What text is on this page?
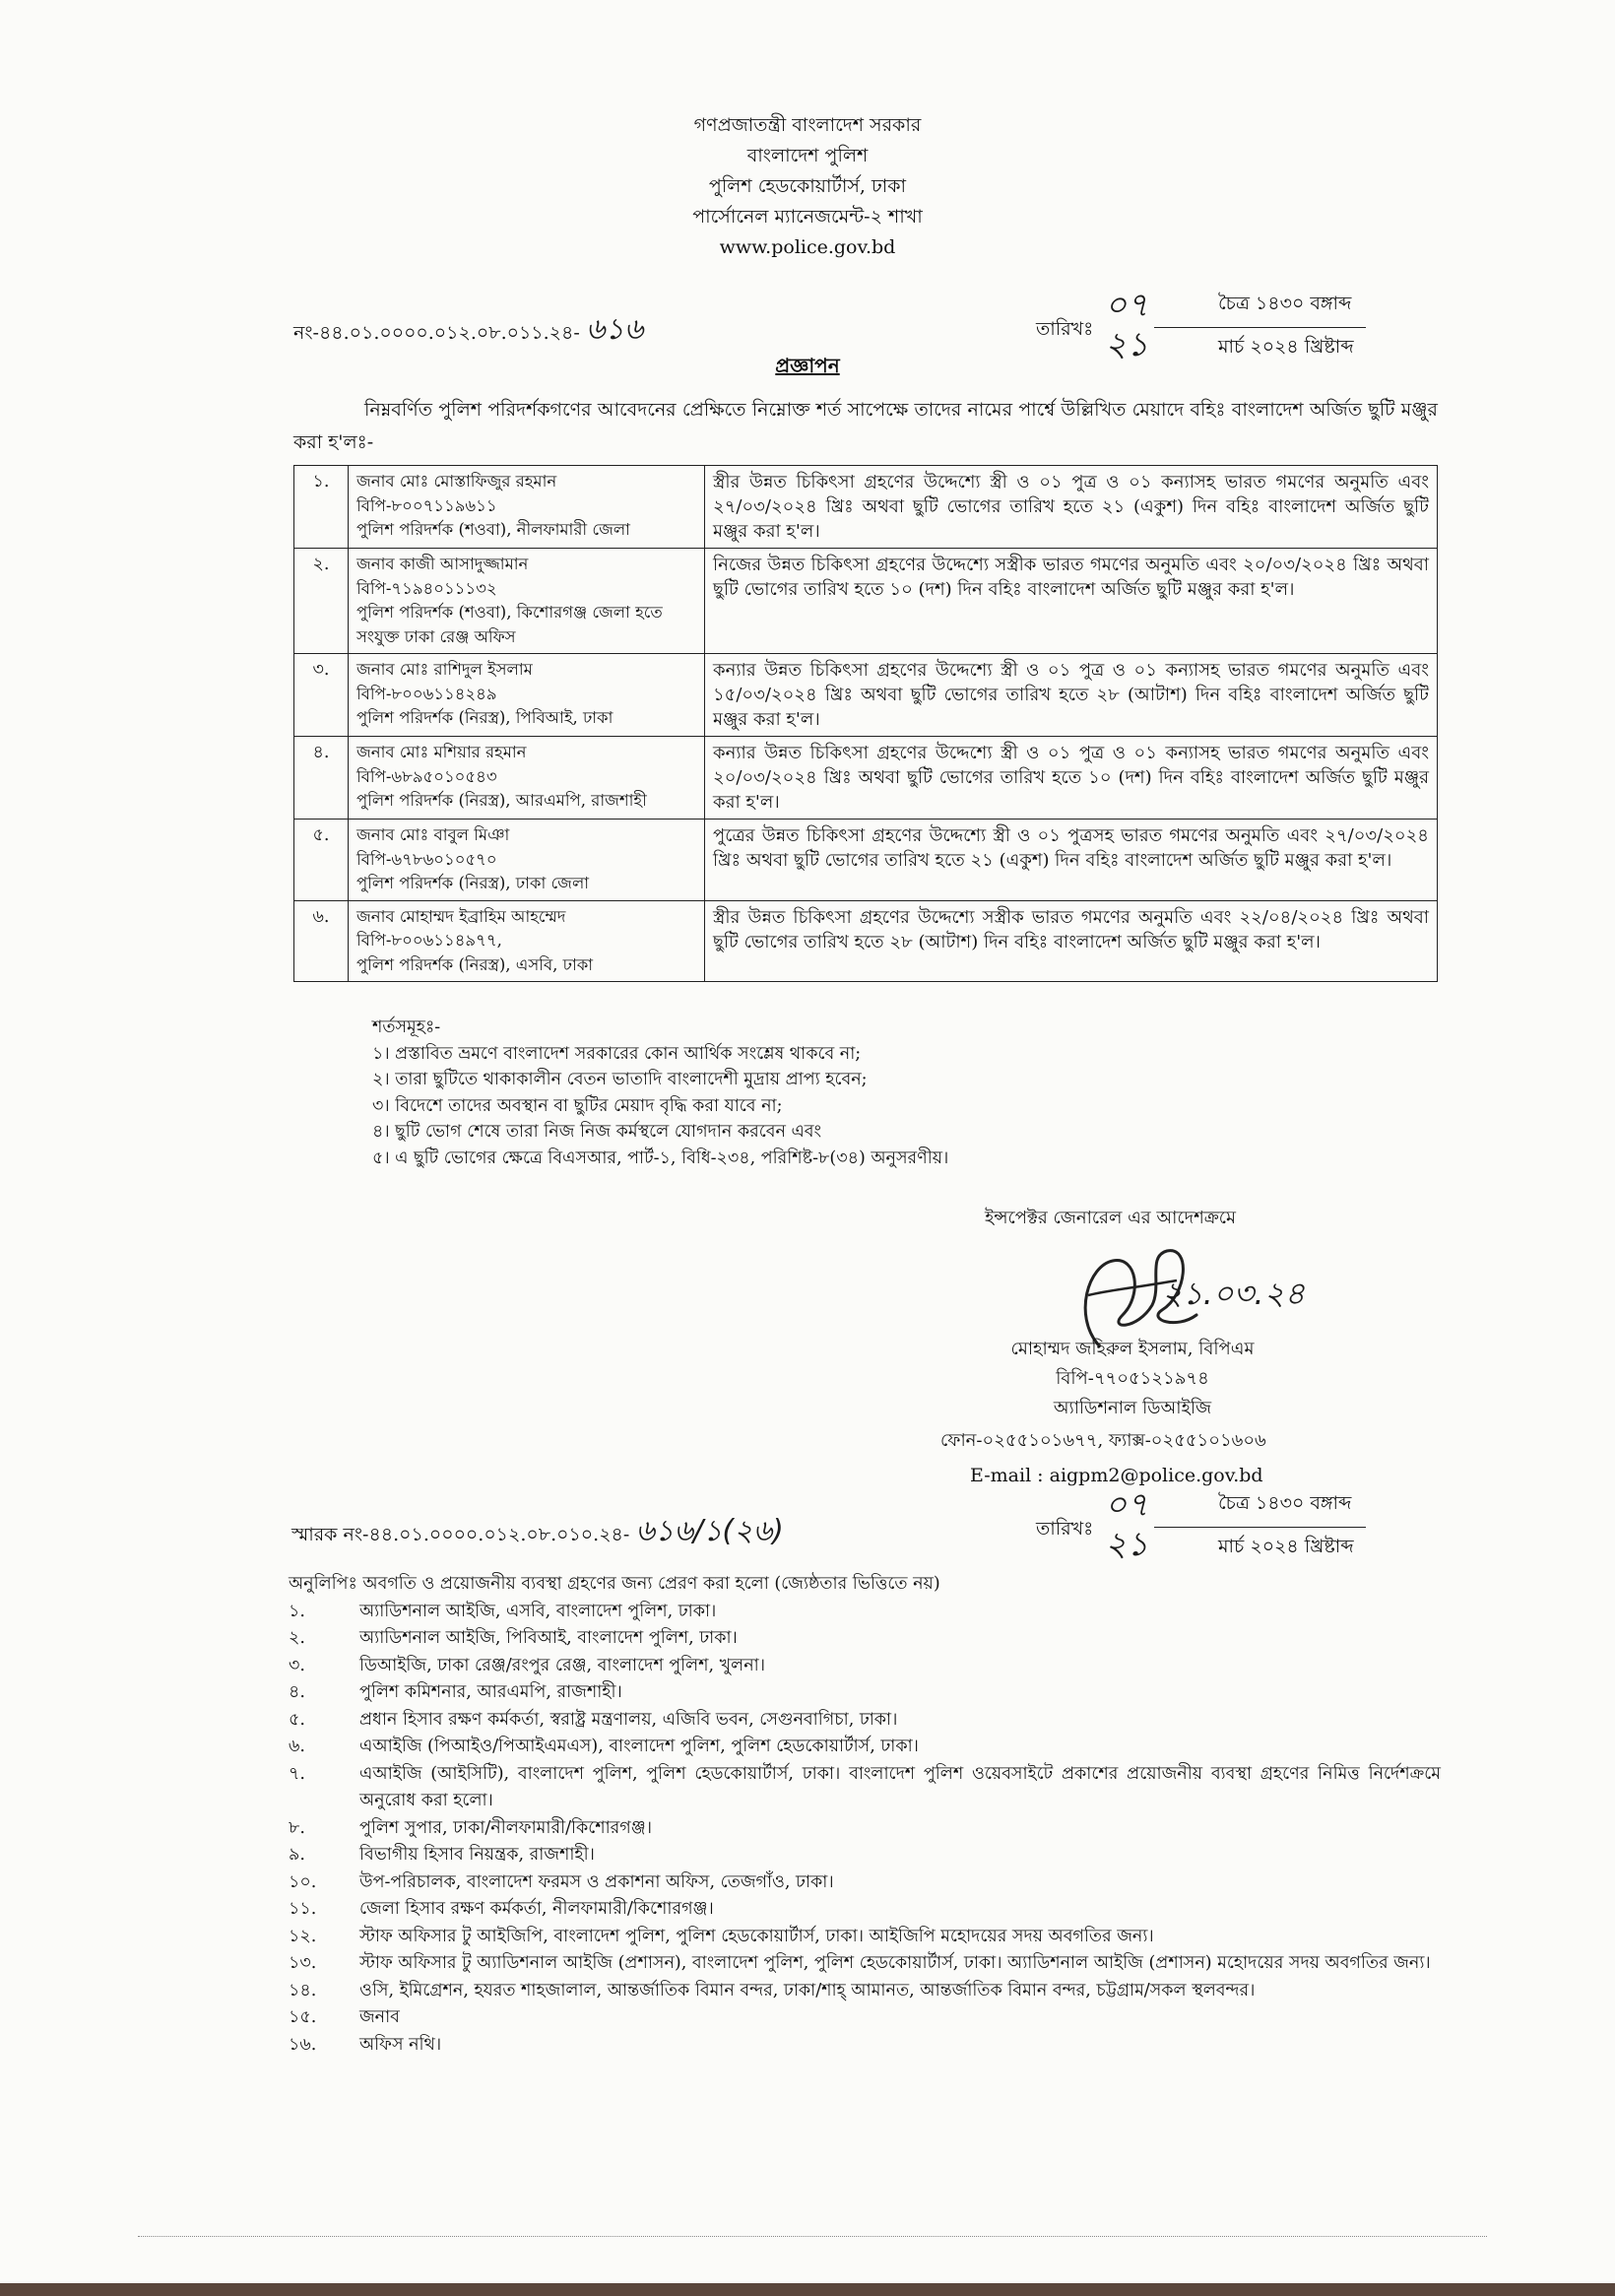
গণপ্রজাতন্ত্রী বাংলাদেশ সরকার
বাংলাদেশ পুলিশ
পুলিশ হেডকোয়ার্টার্স, ঢাকা
পার্সোনেল ম্যানেজমেন্ট-২ শাখা
www.police.gov.bd
নং-৪৪.০১.০০০০.০১২.০৮.০১১.২৪- ৬১৬	তারিখঃ
০৭	চৈত্র ১৪৩০ বঙ্গাব্দ
২১	মার্চ ২০২৪ খ্রিষ্টাব্দ
প্রজ্ঞাপন
নিম্নবর্ণিত পুলিশ পরিদর্শকগণের আবেদনের প্রেক্ষিতে নিম্নোক্ত শর্ত সাপেক্ষে তাদের নামের পার্শ্বে উল্লিখিত মেয়াদে বহিঃ বাংলাদেশ অর্জিত ছুটি মঞ্জুর করা হ'লঃ-
১.	জনাব মোঃ মোস্তাফিজুর রহমান
বিপি-৮০০৭১১৯৬১১
পুলিশ পরিদর্শক (শওবা), নীলফামারী জেলা	স্ত্রীর উন্নত চিকিৎসা গ্রহণের উদ্দেশ্যে স্ত্রী ও ০১ পুত্র ও ০১ কন্যাসহ ভারত গমণের অনুমতি এবং ২৭/০৩/২০২৪ খ্রিঃ অথবা ছুটি ভোগের তারিখ হতে ২১ (একুশ) দিন বহিঃ বাংলাদেশ অর্জিত ছুটি মঞ্জুর করা হ'ল।
২.	জনাব কাজী আসাদুজ্জামান
বিপি-৭১৯৪০১১১৩২
পুলিশ পরিদর্শক (শওবা), কিশোরগঞ্জ জেলা হতে
সংযুক্ত ঢাকা রেঞ্জ অফিস	নিজের উন্নত চিকিৎসা গ্রহণের উদ্দেশ্যে সস্ত্রীক ভারত গমণের অনুমতি এবং ২০/০৩/২০২৪ খ্রিঃ অথবা ছুটি ভোগের তারিখ হতে ১০ (দশ) দিন বহিঃ বাংলাদেশ অর্জিত ছুটি মঞ্জুর করা হ'ল।
৩.	জনাব মোঃ রাশিদুল ইসলাম
বিপি-৮০০৬১১৪২৪৯
পুলিশ পরিদর্শক (নিরস্ত্র), পিবিআই, ঢাকা	কন্যার উন্নত চিকিৎসা গ্রহণের উদ্দেশ্যে স্ত্রী ও ০১ পুত্র ও ০১ কন্যাসহ ভারত গমণের অনুমতি এবং ১৫/০৩/২০২৪ খ্রিঃ অথবা ছুটি ভোগের তারিখ হতে ২৮ (আটাশ) দিন বহিঃ বাংলাদেশ অর্জিত ছুটি মঞ্জুর করা হ'ল।
৪.	জনাব মোঃ মশিয়ার রহমান
বিপি-৬৮৯৫০১০৫৪৩
পুলিশ পরিদর্শক (নিরস্ত্র), আরএমপি, রাজশাহী	কন্যার উন্নত চিকিৎসা গ্রহণের উদ্দেশ্যে স্ত্রী ও ০১ পুত্র ও ০১ কন্যাসহ ভারত গমণের অনুমতি এবং ২০/০৩/২০২৪ খ্রিঃ অথবা ছুটি ভোগের তারিখ হতে ১০ (দশ) দিন বহিঃ বাংলাদেশ অর্জিত ছুটি মঞ্জুর করা হ'ল।
৫.	জনাব মোঃ বাবুল মিঞা
বিপি-৬৭৮৬০১০৫৭০
পুলিশ পরিদর্শক (নিরস্ত্র), ঢাকা জেলা	পুত্রের উন্নত চিকিৎসা গ্রহণের উদ্দেশ্যে স্ত্রী ও ০১ পুত্রসহ ভারত গমণের অনুমতি এবং ২৭/০৩/২০২৪ খ্রিঃ অথবা ছুটি ভোগের তারিখ হতে ২১ (একুশ) দিন বহিঃ বাংলাদেশ অর্জিত ছুটি মঞ্জুর করা হ'ল।
৬.	জনাব মোহাম্মদ ইব্রাহিম আহম্মেদ
বিপি-৮০০৬১১৪৯৭৭,
পুলিশ পরিদর্শক (নিরস্ত্র), এসবি, ঢাকা	স্ত্রীর উন্নত চিকিৎসা গ্রহণের উদ্দেশ্যে সস্ত্রীক ভারত গমণের অনুমতি এবং ২২/০৪/২০২৪ খ্রিঃ অথবা ছুটি ভোগের তারিখ হতে ২৮ (আটাশ) দিন বহিঃ বাংলাদেশ অর্জিত ছুটি মঞ্জুর করা হ'ল।
শর্তসমূহঃ-
১। প্রস্তাবিত ভ্রমণে বাংলাদেশ সরকারের কোন আর্থিক সংশ্লেষ থাকবে না;
২। তারা ছুটিতে থাকাকালীন বেতন ভাতাদি বাংলাদেশী মুদ্রায় প্রাপ্য হবেন;
৩। বিদেশে তাদের অবস্থান বা ছুটির মেয়াদ বৃদ্ধি করা যাবে না;
৪। ছুটি ভোগ শেষে তারা নিজ নিজ কর্মস্থলে যোগদান করবেন এবং
৫। এ ছুটি ভোগের ক্ষেত্রে বিএসআর, পার্ট-১, বিধি-২৩৪, পরিশিষ্ট-৮(৩৪) অনুসরণীয়।
ইন্সপেক্টর জেনারেল এর আদেশক্রমে
২১.০৩.২৪
মোহাম্মদ জহিরুল ইসলাম, বিপিএম
বিপি-৭৭০৫১২১৯৭৪
অ্যাডিশনাল ডিআইজি
ফোন-০২৫৫১০১৬৭৭, ফ্যাক্স-০২৫৫১০১৬০৬
E-mail : aigpm2@police.gov.bd
স্মারক নং-৪৪.০১.০০০০.০১২.০৮.০১০.২৪- ৬১৬/১(২৬)	তারিখঃ
০৭	চৈত্র ১৪৩০ বঙ্গাব্দ
২১	মার্চ ২০২৪ খ্রিষ্টাব্দ
অনুলিপিঃ অবগতি ও প্রয়োজনীয় ব্যবস্থা গ্রহণের জন্য প্রেরণ করা হলো (জ্যেষ্ঠতার ভিত্তিতে নয়)
১.	অ্যাডিশনাল আইজি, এসবি, বাংলাদেশ পুলিশ, ঢাকা।
২.	অ্যাডিশনাল আইজি, পিবিআই, বাংলাদেশ পুলিশ, ঢাকা।
৩.	ডিআইজি, ঢাকা রেঞ্জ/রংপুর রেঞ্জ, বাংলাদেশ পুলিশ, খুলনা।
৪.	পুলিশ কমিশনার, আরএমপি, রাজশাহী।
৫.	প্রধান হিসাব রক্ষণ কর্মকর্তা, স্বরাষ্ট্র মন্ত্রণালয়, এজিবি ভবন, সেগুনবাগিচা, ঢাকা।
৬.	এআইজি (পিআইও/পিআইএমএস), বাংলাদেশ পুলিশ, পুলিশ হেডকোয়ার্টার্স, ঢাকা।
৭.	এআইজি (আইসিটি), বাংলাদেশ পুলিশ, পুলিশ হেডকোয়ার্টার্স, ঢাকা। বাংলাদেশ পুলিশ ওয়েবসাইটে প্রকাশের প্রয়োজনীয় ব্যবস্থা গ্রহণের নিমিত্ত নির্দেশক্রমে অনুরোধ করা হলো।
৮.	পুলিশ সুপার, ঢাকা/নীলফামারী/কিশোরগঞ্জ।
৯.	বিভাগীয় হিসাব নিয়ন্ত্রক, রাজশাহী।
১০.	উপ-পরিচালক, বাংলাদেশ ফরমস ও প্রকাশনা অফিস, তেজগাঁও, ঢাকা।
১১.	জেলা হিসাব রক্ষণ কর্মকর্তা, নীলফামারী/কিশোরগঞ্জ।
১২.	স্টাফ অফিসার টু আইজিপি, বাংলাদেশ পুলিশ, পুলিশ হেডকোয়ার্টার্স, ঢাকা। আইজিপি মহোদয়ের সদয় অবগতির জন্য।
১৩.	স্টাফ অফিসার টু অ্যাডিশনাল আইজি (প্রশাসন), বাংলাদেশ পুলিশ, পুলিশ হেডকোয়ার্টার্স, ঢাকা। অ্যাডিশনাল আইজি (প্রশাসন) মহোদয়ের সদয় অবগতির জন্য।
১৪.	ওসি, ইমিগ্রেশন, হযরত শাহজালাল, আন্তর্জাতিক বিমান বন্দর, ঢাকা/শাহ্ আমানত, আন্তর্জাতিক বিমান বন্দর, চট্টগ্রাম/সকল স্থলবন্দর।
১৫.	জনাব
১৬.	অফিস নথি।
